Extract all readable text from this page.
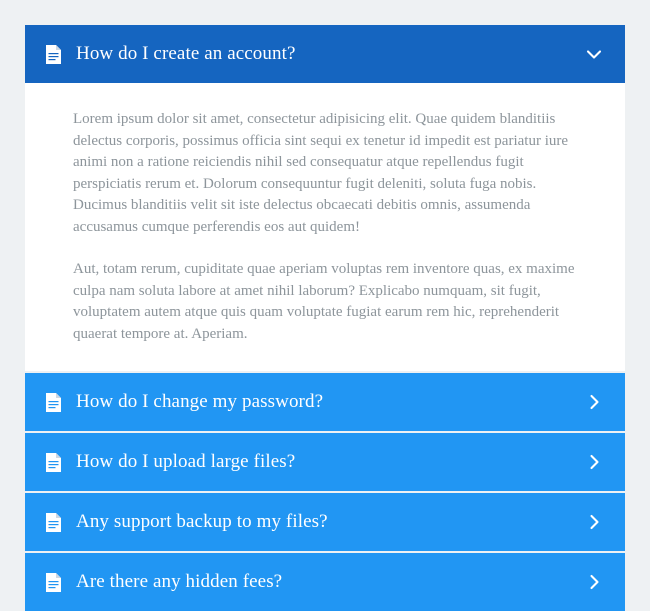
How do I create an account?

Lorem ipsum dolor sit amet, consectetur adipisicing elit. Quae quidem blanditiis delectus corporis, possimus officia sint sequi ex tenetur id impedit est pariatur iure animi non a ratione reiciendis nihil sed consequatur atque repellendus fugit perspiciatis rerum et. Dolorum consequuntur fugit deleniti, soluta fuga nobis. Ducimus blanditiis velit sit iste delectus obcaecati debitis omnis, assumenda accusamus cumque perferendis eos aut quidem!

Aut, totam rerum, cupiditate quae aperiam voluptas rem inventore quas, ex maxime culpa nam soluta labore at amet nihil laborum? Explicabo numquam, sit fugit, voluptatem autem atque quis quam voluptate fugiat earum rem hic, reprehenderit quaerat tempore at. Aperiam.

How do I change my password?
How do I upload large files?
Any support backup to my files?
Are there any hidden fees?
